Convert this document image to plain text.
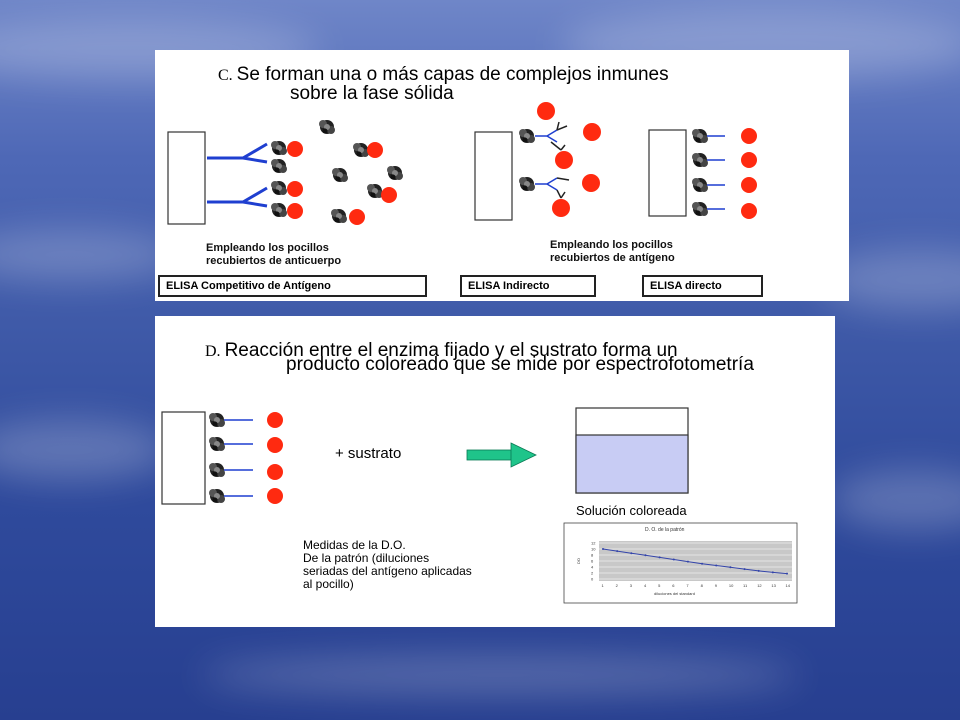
C. Se forman una o más capas de complejos inmunes
sobre la fase sólida
Empleando los pocillos
recubiertos de anticuerpo
Empleando los pocillos
recubiertos de antígeno
ELISA Competitivo de Antígeno	ELISA Indirecto	ELISA directo
0
2
4
6
8
10
12
1	2	3	4	5	6	7	8	9	10 11 12 13 14
diluciones del standard
DO
D. O. de la patrón
D. Reacción entre el enzima fijado y el sustrato forma un
producto coloreado que se mide por espectrofotometría
+ sustrato
Solución coloreada
Medidas de la D.O.
De la patrón (diluciones
seriadas del antígeno aplicadas
al pocillo)
